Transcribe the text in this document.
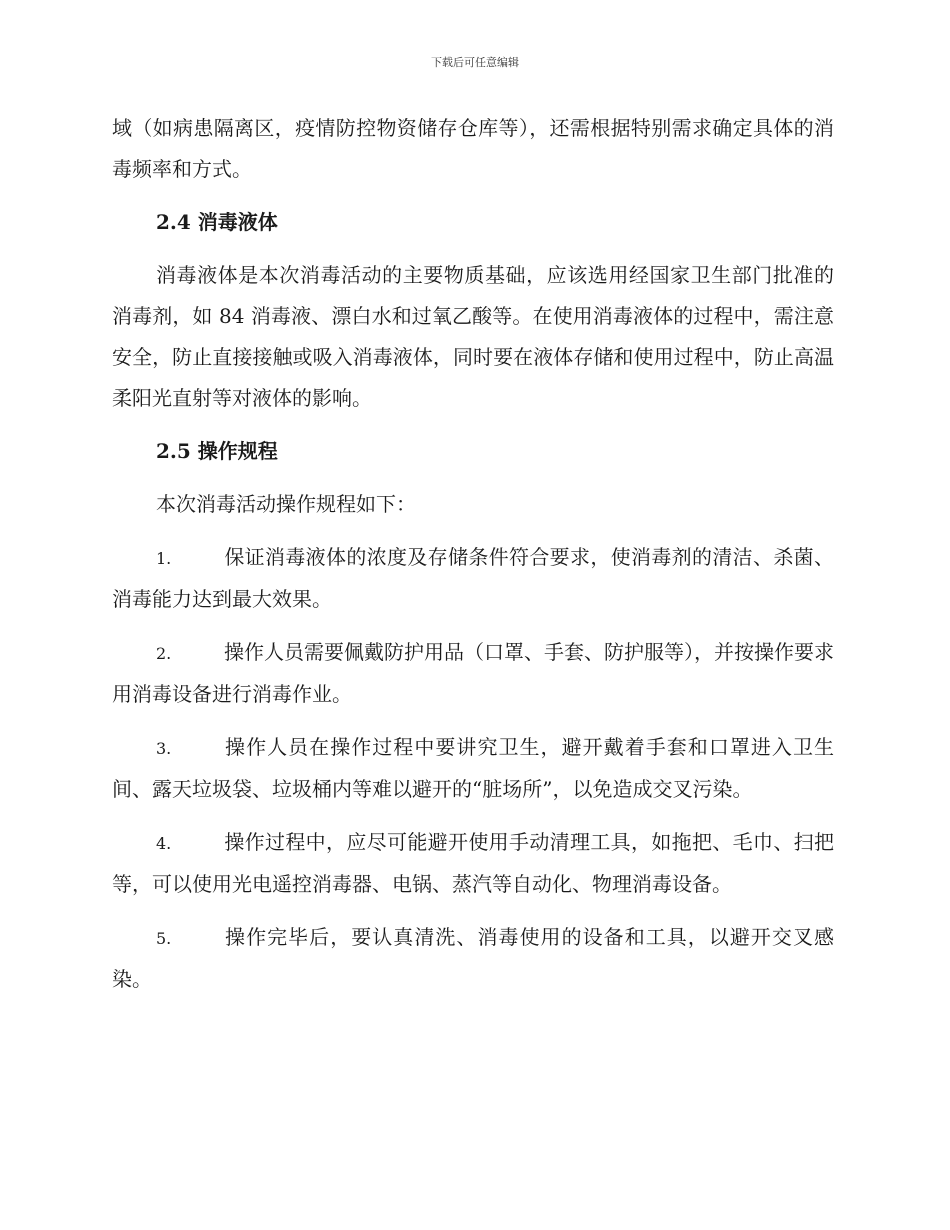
下载后可任意编辑

域（如病患隔离区，疫情防控物资储存仓库等），还需根据特别需求确定具体的消毒频率和方式。

2.4 消毒液体

消毒液体是本次消毒活动的主要物质基础，应该选用经国家卫生部门批准的消毒剂，如 84 消毒液、漂白水和过氧乙酸等。在使用消毒液体的过程中，需注意安全，防止直接接触或吸入消毒液体，同时要在液体存储和使用过程中，防止高温柔阳光直射等对液体的影响。

2.5 操作规程

本次消毒活动操作规程如下：

1.	保证消毒液体的浓度及存储条件符合要求，使消毒剂的清洁、杀菌、消毒能力达到最大效果。

2.	操作人员需要佩戴防护用品（口罩、手套、防护服等），并按操作要求用消毒设备进行消毒作业。

3.	操作人员在操作过程中要讲究卫生，避开戴着手套和口罩进入卫生间、露天垃圾袋、垃圾桶内等难以避开的“脏场所”，以免造成交叉污染。

4.	操作过程中，应尽可能避开使用手动清理工具，如拖把、毛巾、扫把等，可以使用光电遥控消毒器、电锅、蒸汽等自动化、物理消毒设备。

5.	操作完毕后，要认真清洗、消毒使用的设备和工具，以避开交叉感染。
